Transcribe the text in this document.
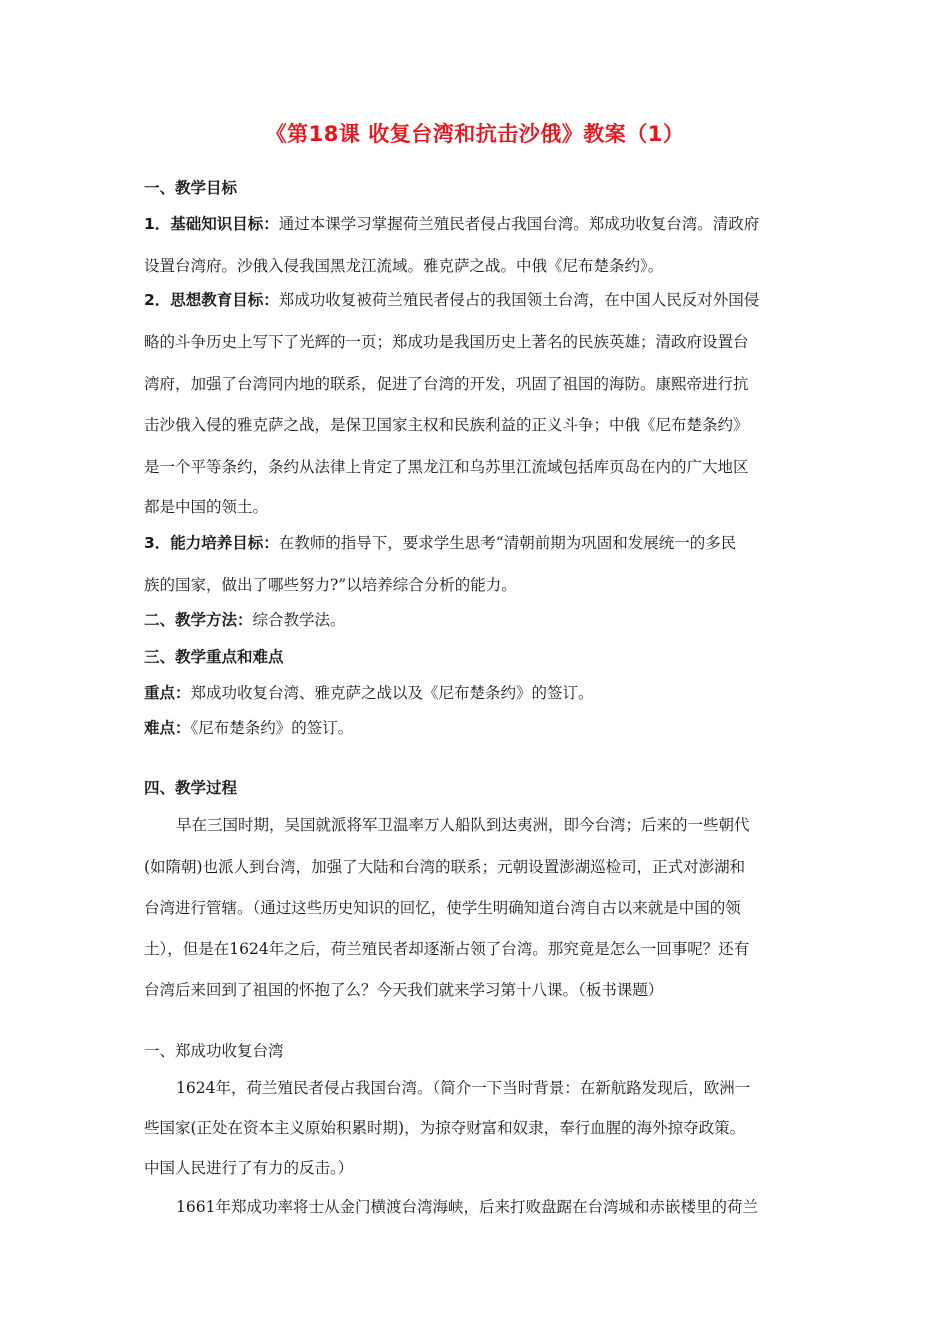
《第18课 收复台湾和抗击沙俄》教案（1）
一、教学目标
1．基础知识目标：通过本课学习掌握荷兰殖民者侵占我国台湾。郑成功收复台湾。清政府
设置台湾府。沙俄入侵我国黑龙江流域。雅克萨之战。中俄《尼布楚条约》。
2．思想教育目标：郑成功收复被荷兰殖民者侵占的我国领土台湾，在中国人民反对外国侵
略的斗争历史上写下了光辉的一页；郑成功是我国历史上著名的民族英雄；清政府设置台
湾府，加强了台湾同内地的联系，促进了台湾的开发，巩固了祖国的海防。康熙帝进行抗
击沙俄入侵的雅克萨之战，是保卫国家主权和民族利益的正义斗争；中俄《尼布楚条约》
是一个平等条约，条约从法律上肯定了黑龙江和乌苏里江流域包括库页岛在内的广大地区
都是中国的领土。
3．能力培养目标：在教师的指导下，要求学生思考“清朝前期为巩固和发展统一的多民
族的国家，做出了哪些努力?”以培养综合分析的能力。
二、教学方法：综合教学法。
三、教学重点和难点
重点：郑成功收复台湾、雅克萨之战以及《尼布楚条约》的签订。
难点：《尼布楚条约》的签订。
四、教学过程
早在三国时期，吴国就派将军卫温率万人船队到达夷洲，即今台湾；后来的一些朝代
(如隋朝)也派人到台湾，加强了大陆和台湾的联系；元朝设置澎湖巡检司，正式对澎湖和
台湾进行管辖。（通过这些历史知识的回忆，使学生明确知道台湾自古以来就是中国的领
土），但是在1624年之后，荷兰殖民者却逐渐占领了台湾。那究竟是怎么一回事呢？还有
台湾后来回到了祖国的怀抱了么？今天我们就来学习第十八课。（板书课题）
一、郑成功收复台湾
1624年，荷兰殖民者侵占我国台湾。（简介一下当时背景：在新航路发现后，欧洲一
些国家(正处在资本主义原始积累时期)，为掠夺财富和奴隶，奉行血腥的海外掠夺政策。
中国人民进行了有力的反击。）
1661年郑成功率将士从金门横渡台湾海峡，后来打败盘踞在台湾城和赤嵌楼里的荷兰
